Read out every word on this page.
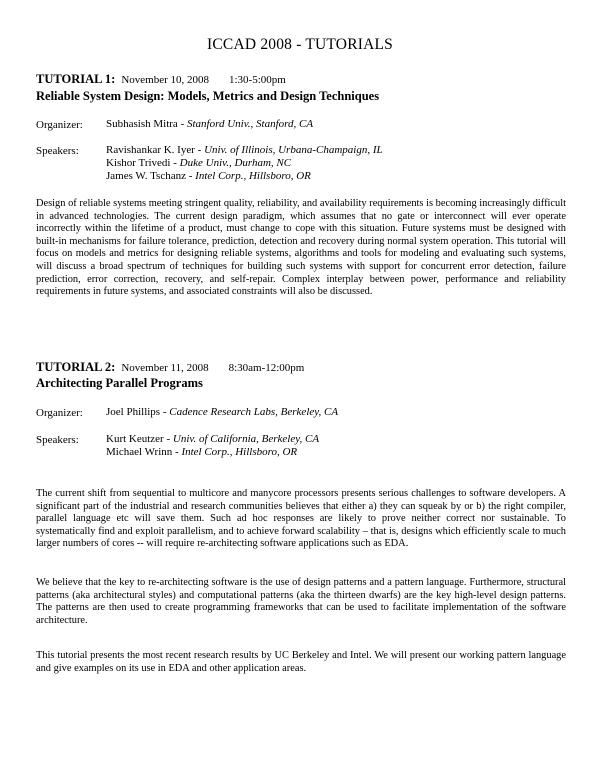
ICCAD 2008 - TUTORIALS
TUTORIAL 1: November 10, 2008 1:30-5:00pm
Reliable System Design: Models, Metrics and Design Techniques
Organizer:	Subhasish Mitra - Stanford Univ., Stanford, CA
Speakers:	Ravishankar K. Iyer - Univ. of Illinois, Urbana-Champaign, IL
Kishor Trivedi - Duke Univ., Durham, NC
James W. Tschanz - Intel Corp., Hillsboro, OR

Design of reliable systems meeting stringent quality, reliability, and availability requirements is becoming increasingly difficult in advanced technologies. The current design paradigm, which assumes that no gate or interconnect will ever operate incorrectly within the lifetime of a product, must change to cope with this situation. Future systems must be designed with built-in mechanisms for failure tolerance, prediction, detection and recovery during normal system operation. This tutorial will focus on models and metrics for designing reliable systems, algorithms and tools for modeling and evaluating such systems, will discuss a broad spectrum of techniques for building such systems with support for concurrent error detection, failure prediction, error correction, recovery, and self-repair. Complex interplay between power, performance and reliability requirements in future systems, and associated constraints will also be discussed.

TUTORIAL 2: November 11, 2008 8:30am-12:00pm
Architecting Parallel Programs
Organizer:	Joel Phillips - Cadence Research Labs, Berkeley, CA
Speakers:	Kurt Keutzer - Univ. of California, Berkeley, CA
Michael Wrinn - Intel Corp., Hillsboro, OR

The current shift from sequential to multicore and manycore processors presents serious challenges to software developers. A significant part of the industrial and research communities believes that either a) they can squeak by or b) the right compiler, parallel language etc will save them. Such ad hoc responses are likely to prove neither correct nor sustainable. To systematically find and exploit parallelism, and to achieve forward scalability – that is, designs which efficiently scale to much larger numbers of cores -- will require re-architecting software applications such as EDA.

We believe that the key to re-architecting software is the use of design patterns and a pattern language. Furthermore, structural patterns (aka architectural styles) and computational patterns (aka the thirteen dwarfs) are the key high-level design patterns. The patterns are then used to create programming frameworks that can be used to facilitate implementation of the software architecture.

This tutorial presents the most recent research results by UC Berkeley and Intel. We will present our working pattern language and give examples on its use in EDA and other application areas.
